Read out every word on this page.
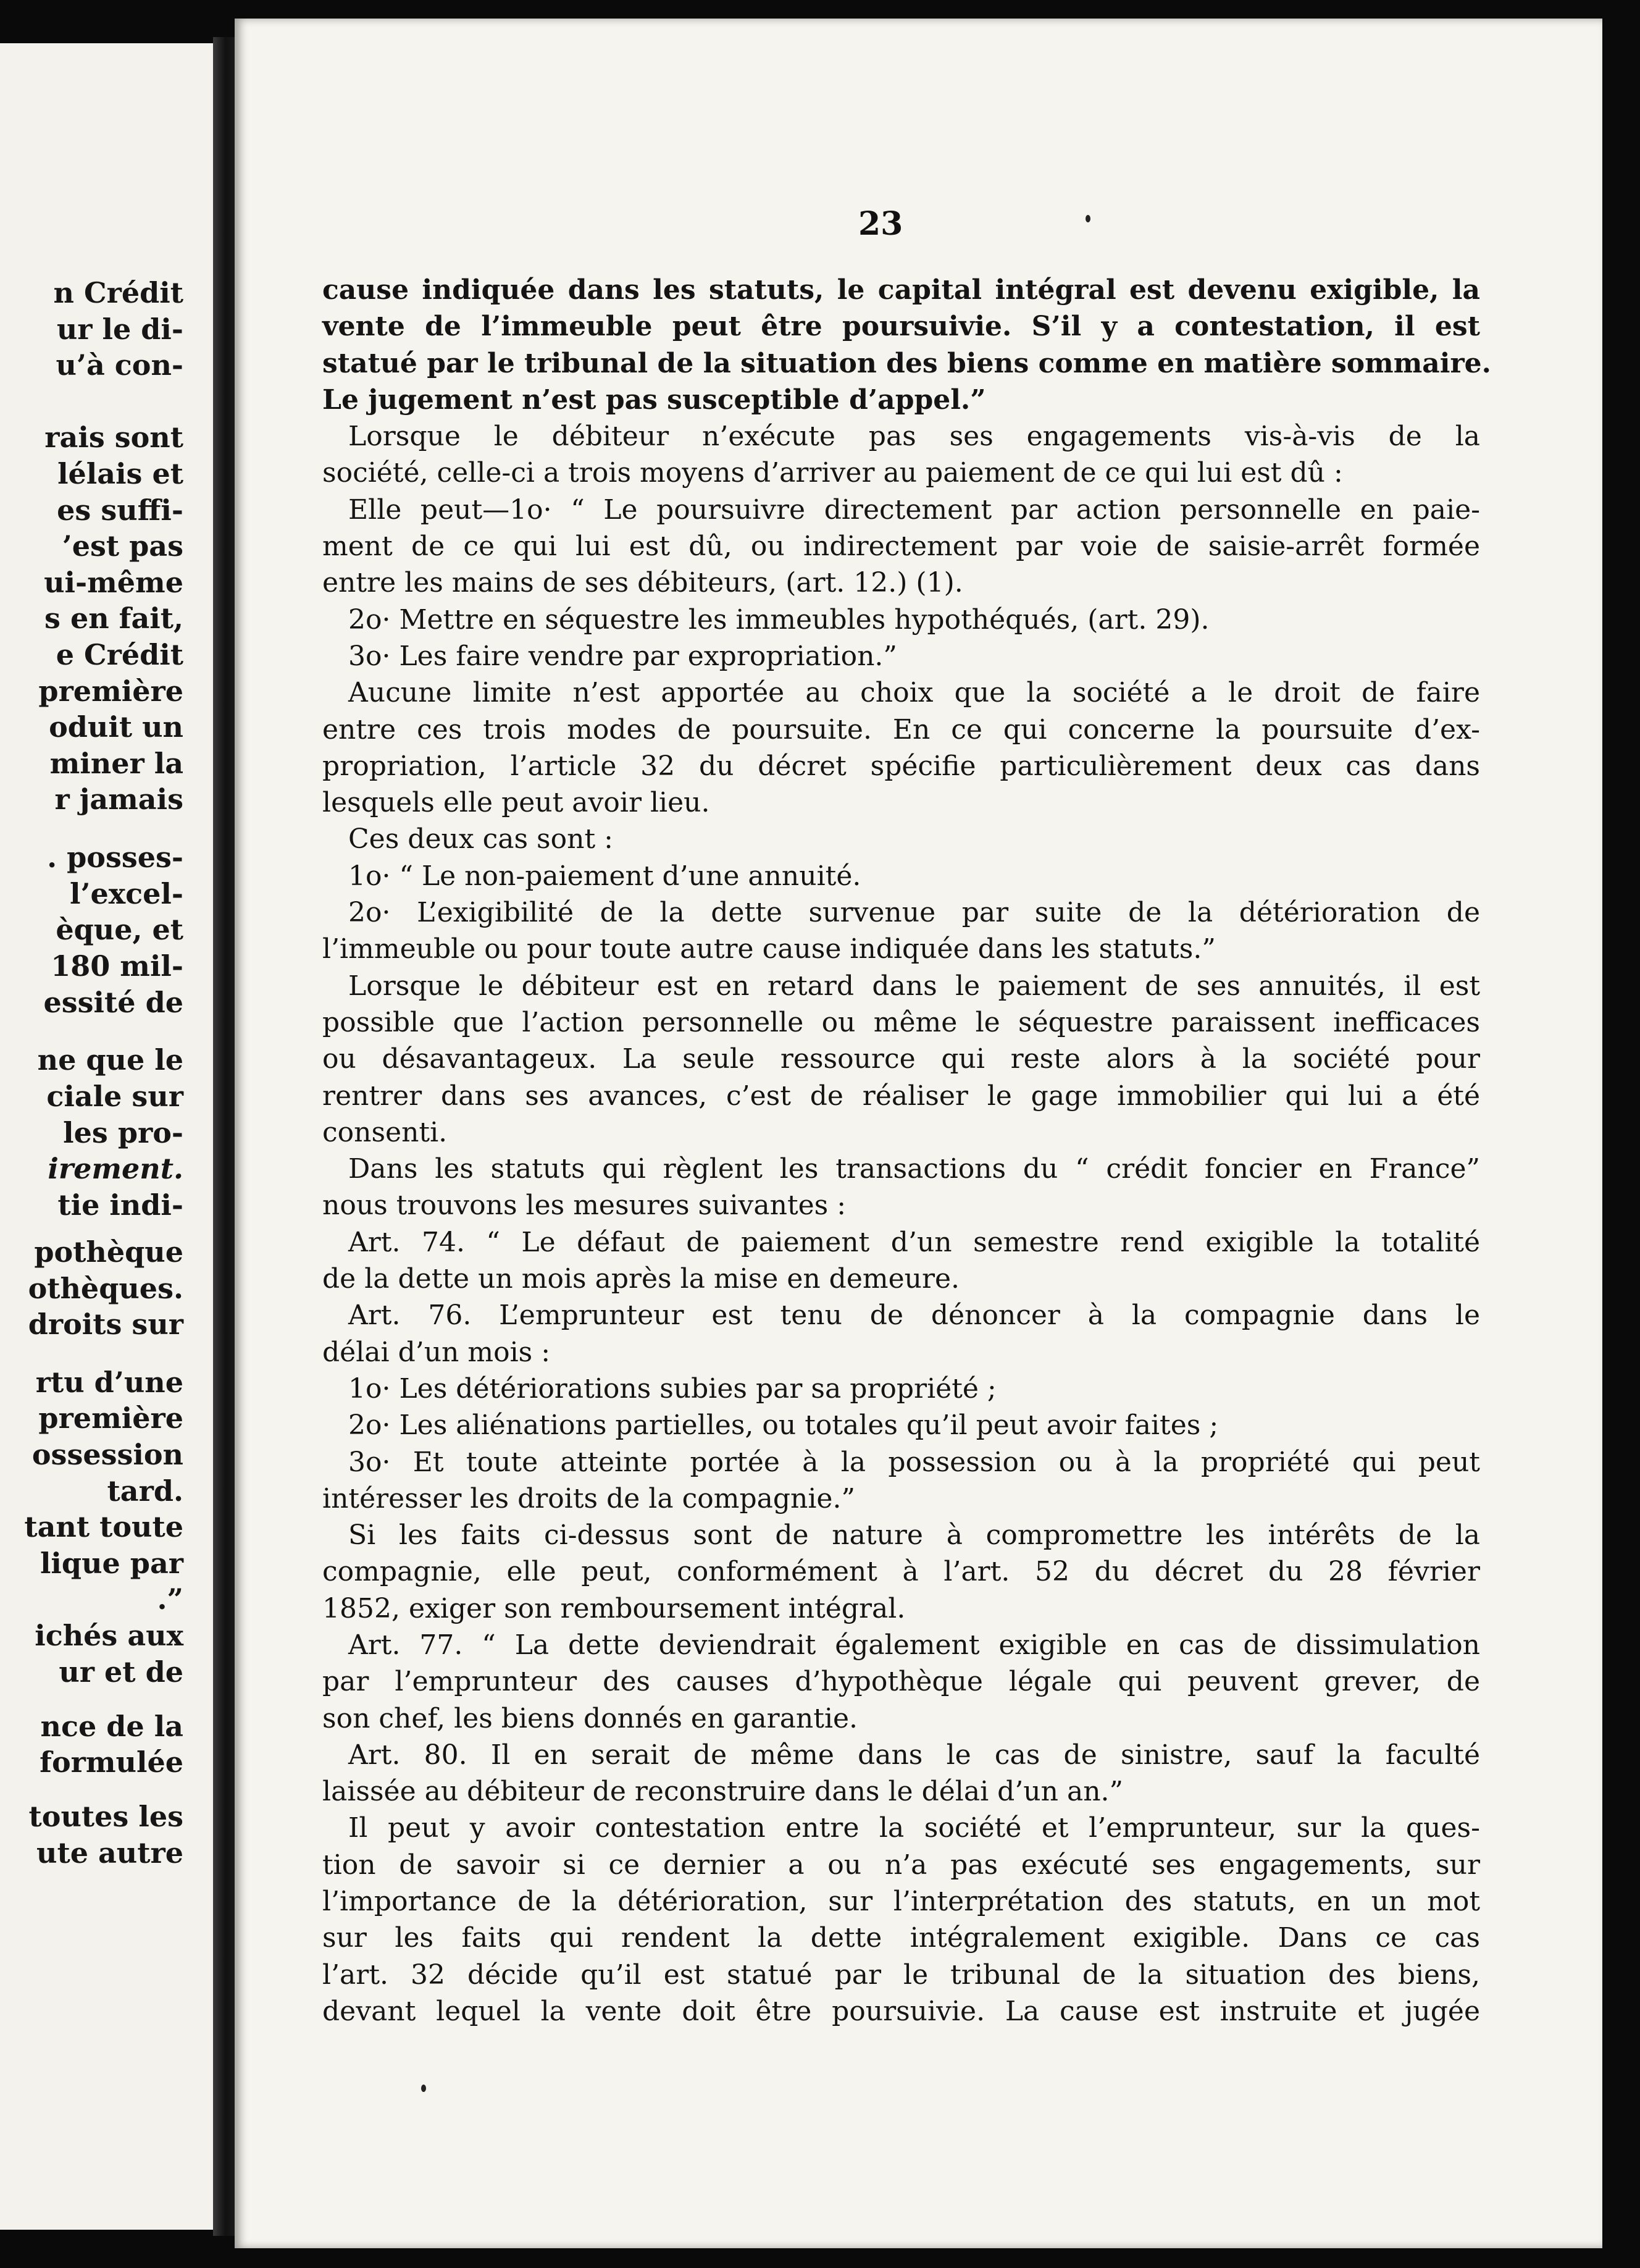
n Crédit
ur le di-
u’à con-
rais sont
lélais et
es suffi-
’est pas
ui-même
s en fait,
e Crédit
première
oduit un
miner la
r jamais
. posses-
l’excel-
èque, et
180 mil-
essité de
ne que le
ciale sur
les pro-
irement.
tie indi-
pothèque
othèques.
droits sur
rtu d’une
première
ossession
tard.
tant toute
lique par
.”
ichés aux
ur et de
nce de la
formulée
toutes les
ute autre
23
cause indiquée dans les statuts, le capital intégral est devenu exigible, la
vente de l’immeuble peut être poursuivie. S’il y a contestation, il est
statué par le tribunal de la situation des biens comme en matière sommaire.
Le jugement n’est pas susceptible d’appel.”
Lorsque le débiteur n’exécute pas ses engagements vis-à-vis de la
société, celle-ci a trois moyens d’arriver au paiement de ce qui lui est dû :
Elle peut—1o· “ Le poursuivre directement par action personnelle en paie-
ment de ce qui lui est dû, ou indirectement par voie de saisie-arrêt formée
entre les mains de ses débiteurs, (art. 12.) (1).
2o· Mettre en séquestre les immeubles hypothéqués, (art. 29).
3o· Les faire vendre par expropriation.”
Aucune limite n’est apportée au choix que la société a le droit de faire
entre ces trois modes de poursuite. En ce qui concerne la poursuite d’ex-
propriation, l’article 32 du décret spécifie particulièrement deux cas dans
lesquels elle peut avoir lieu.
Ces deux cas sont :
1o· “ Le non-paiement d’une annuité.
2o· L’exigibilité de la dette survenue par suite de la détérioration de
l’immeuble ou pour toute autre cause indiquée dans les statuts.”
Lorsque le débiteur est en retard dans le paiement de ses annuités, il est
possible que l’action personnelle ou même le séquestre paraissent inefficaces
ou désavantageux. La seule ressource qui reste alors à la société pour
rentrer dans ses avances, c’est de réaliser le gage immobilier qui lui a été
consenti.
Dans les statuts qui règlent les transactions du “ crédit foncier en France”
nous trouvons les mesures suivantes :
Art. 74. “ Le défaut de paiement d’un semestre rend exigible la totalité
de la dette un mois après la mise en demeure.
Art. 76. L’emprunteur est tenu de dénoncer à la compagnie dans le
délai d’un mois :
1o· Les détériorations subies par sa propriété ;
2o· Les aliénations partielles, ou totales qu’il peut avoir faites ;
3o· Et toute atteinte portée à la possession ou à la propriété qui peut
intéresser les droits de la compagnie.”
Si les faits ci-dessus sont de nature à compromettre les intérêts de la
compagnie, elle peut, conformément à l’art. 52 du décret du 28 février
1852, exiger son remboursement intégral.
Art. 77. “ La dette deviendrait également exigible en cas de dissimulation
par l’emprunteur des causes d’hypothèque légale qui peuvent grever, de
son chef, les biens donnés en garantie.
Art. 80. Il en serait de même dans le cas de sinistre, sauf la faculté
laissée au débiteur de reconstruire dans le délai d’un an.”
Il peut y avoir contestation entre la société et l’emprunteur, sur la ques-
tion de savoir si ce dernier a ou n’a pas exécuté ses engagements, sur
l’importance de la détérioration, sur l’interprétation des statuts, en un mot
sur les faits qui rendent la dette intégralement exigible. Dans ce cas
l’art. 32 décide qu’il est statué par le tribunal de la situation des biens,
devant lequel la vente doit être poursuivie. La cause est instruite et jugée
